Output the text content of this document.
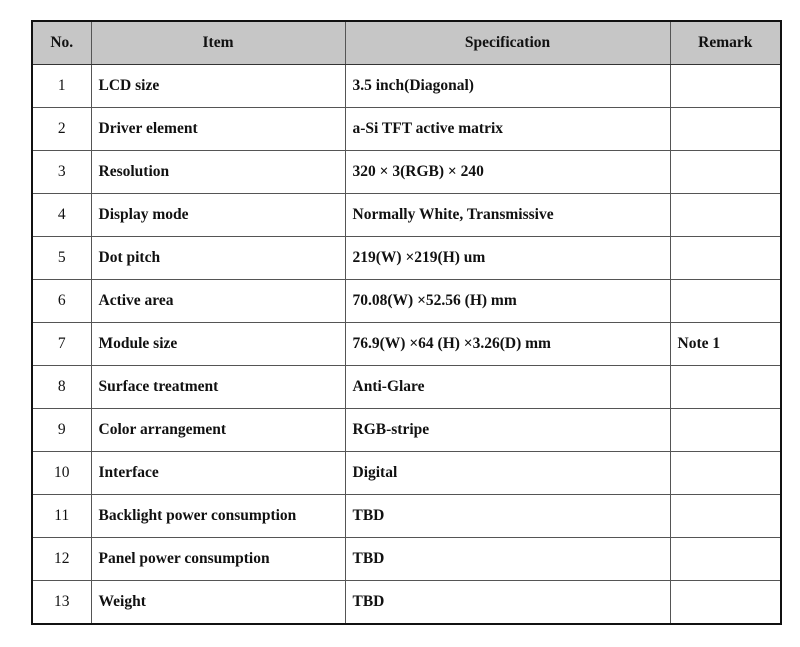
No.	Item	Specification	Remark
1	LCD size	3.5 inch(Diagonal)	
2	Driver element	a-Si TFT active matrix	
3	Resolution	320 × 3(RGB) × 240	
4	Display mode	Normally White, Transmissive	
5	Dot pitch	219(W) ×219(H) um	
6	Active area	70.08(W) ×52.56 (H) mm	
7	Module size	76.9(W) ×64 (H) ×3.26(D) mm	Note 1
8	Surface treatment	Anti-Glare	
9	Color arrangement	RGB-stripe	
10	Interface	Digital	
11	Backlight power consumption	TBD	
12	Panel power consumption	TBD	
13	Weight	TBD	
